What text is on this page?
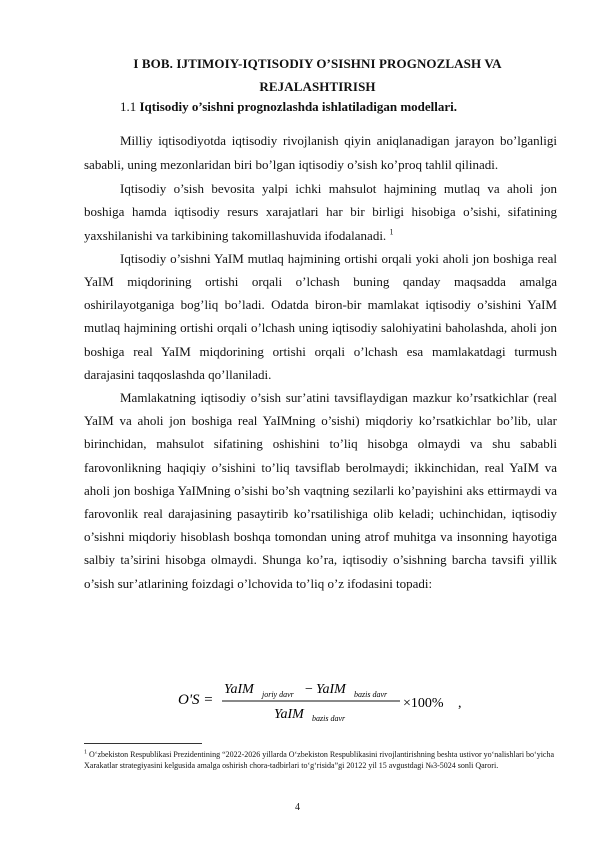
I BOB. IJTIMOIY-IQTISODIY O’SISHNI PROGNOZLASH VA
REJALASHTIRISH
1.1 Iqtisodiy o’sishni prognozlashda ishlatiladigan modellari.

Milliy iqtisodiyotda iqtisodiy rivojlanish qiyin aniqlanadigan jarayon bo’lganligi sababli, uning mezonlaridan biri bo’lgan iqtisodiy o’sish ko’proq tahlil qilinadi.

Iqtisodiy o’sish bevosita yalpi ichki mahsulot hajmining mutlaq va aholi jon boshiga hamda iqtisodiy resurs xarajatlari har bir birligi hisobiga o’sishi, sifatining yaxshilanishi va tarkibining takomillashuvida ifodalanadi. $^1$

Iqtisodiy o’sishni YaIM mutlaq hajmining ortishi orqali yoki aholi jon boshiga real YaIM miqdorining ortishi orqali o’lchash buning qanday maqsadda amalga oshirilayotganiga bog’liq bo’ladi. Odatda biron-bir mamlakat iqtisodiy o’sishini YaIM mutlaq hajmining ortishi orqali o’lchash uning iqtisodiy salohiyatini baholashda, aholi jon boshiga real YaIM miqdorining ortishi orqali o’lchash esa mamlakatdagi turmush darajasini taqqoslashda qo’llaniladi.

Mamlakatning iqtisodiy o’sish sur’atini tavsiflaydigan mazkur ko’rsatkichlar (real YaIM va aholi jon boshiga real YaIMning o’sishi) miqdoriy ko’rsatkichlar bo’lib, ular birinchidan, mahsulot sifatining oshishini to’liq hisobga olmaydi va shu sababli farovonlikning haqiqiy o’sishini to’liq tavsiflab berolmaydi; ikkinchidan, real YaIM va aholi jon boshiga YaIMning o’sishi bo’sh vaqtning sezilarli ko’payishini aks ettirmaydi va farovonlik real darajasining pasaytirib ko’rsatilishiga olib keladi; uchinchidan, iqtisodiy o’sishni miqdoriy hisoblash boshqa tomondan uning atrof muhitga va insonning hayotiga salbiy ta’sirini hisobga olmaydi. Shunga ko’ra, iqtisodiy o’sishning barcha tavsifi yillik o’sish sur’atlarining foizdagi o’lchovida to’liq o’z ifodasini topadi:

O'S =
YaIM joriy davr − YaIM bazis davr
YaIM bazis davr
×100% ,
$^1$ O‘zbekiston Respublikasi Prezidentining “2022-2026 yillarda O‘zbekiston Respublikasini rivojlantirishning beshta ustivor yo‘nalishlari bo‘yicha Xarakatlar strategiyasini kelgusida amalga oshirish chora-tadbirlari to‘g‘risida”gi 20122 yil 15 avgustdagi №3-5024 sonli Qarori.
4
